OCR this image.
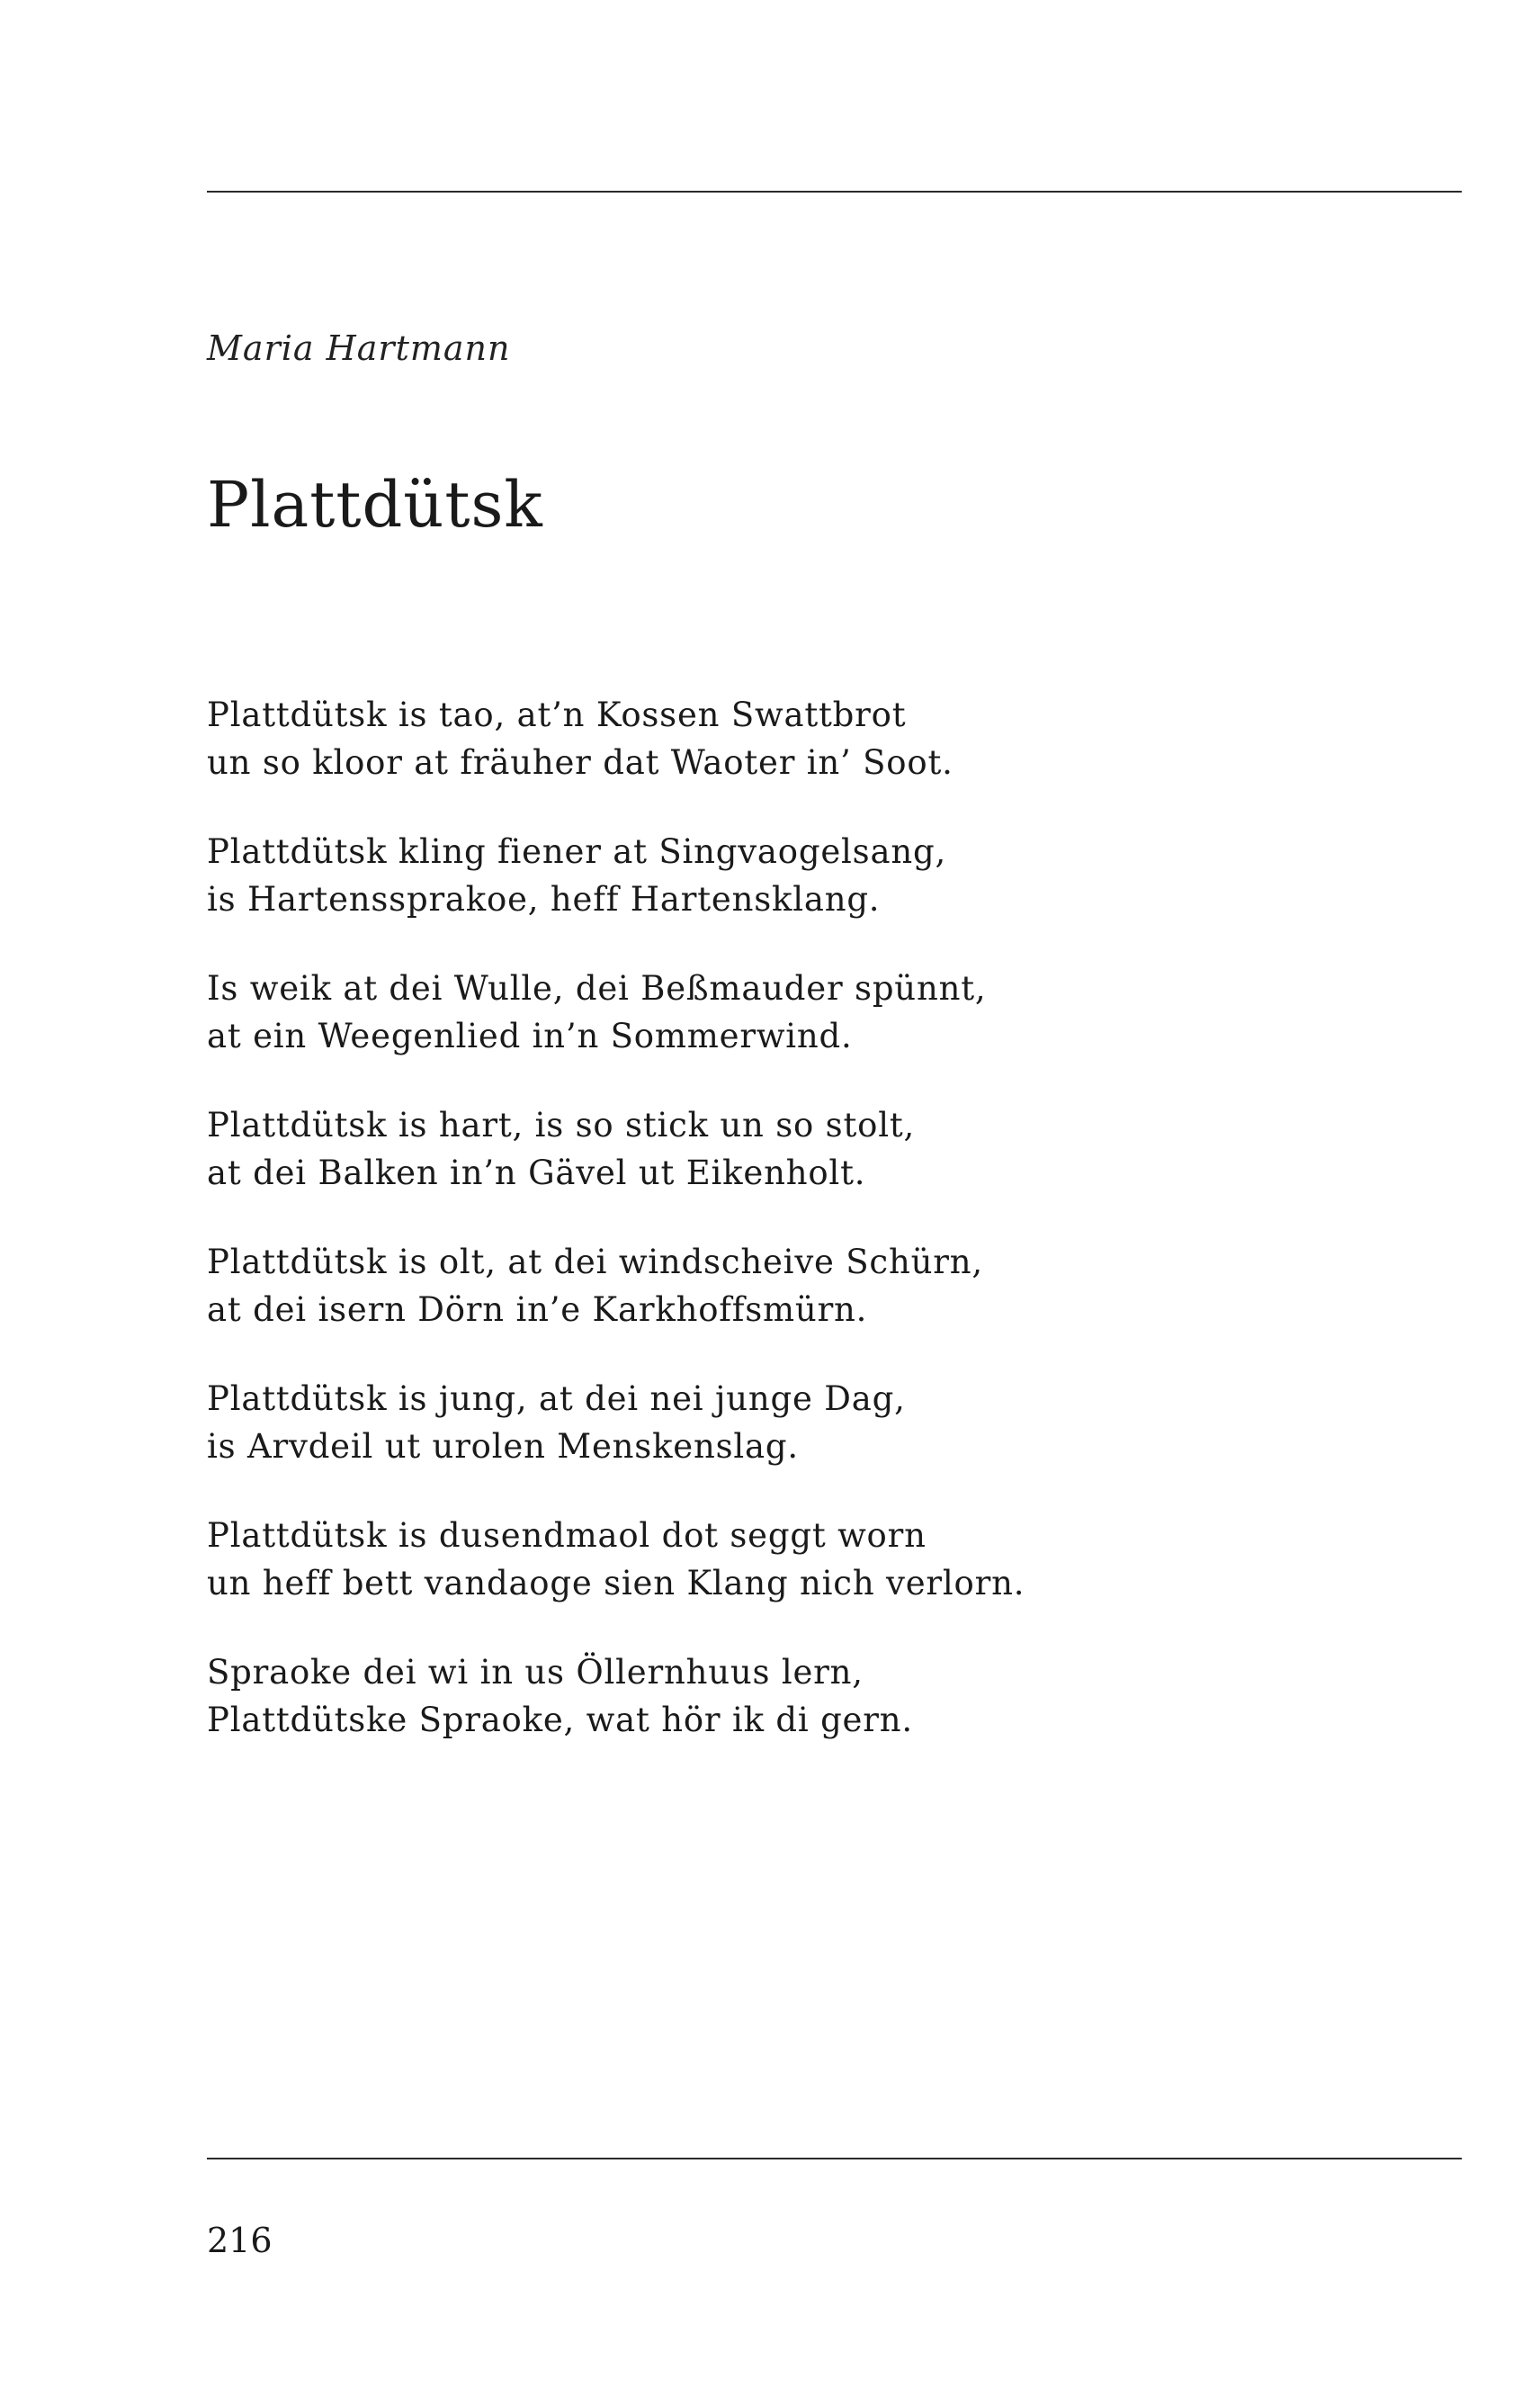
Maria Hartmann
Plattdütsk
Plattdütsk is tao, at’n Kossen Swattbrot
un so kloor at fräuher dat Waoter in’ Soot.
Plattdütsk kling fiener at Singvaogelsang,
is Hartenssprakoe, heff Hartensklang.
Is weik at dei Wulle, dei Beßmauder spünnt,
at ein Weegenlied in’n Sommerwind.
Plattdütsk is hart, is so stick un so stolt,
at dei Balken in’n Gävel ut Eikenholt.
Plattdütsk is olt, at dei windscheive Schürn,
at dei isern Dörn in’e Karkhoffsmürn.
Plattdütsk is jung, at dei nei junge Dag,
is Arvdeil ut urolen Menskenslag.
Plattdütsk is dusendmaol dot seggt worn
un heff bett vandaoge sien Klang nich verlorn.
Spraoke dei wi in us Öllernhuus lern,
Plattdütske Spraoke, wat hör ik di gern.
216
